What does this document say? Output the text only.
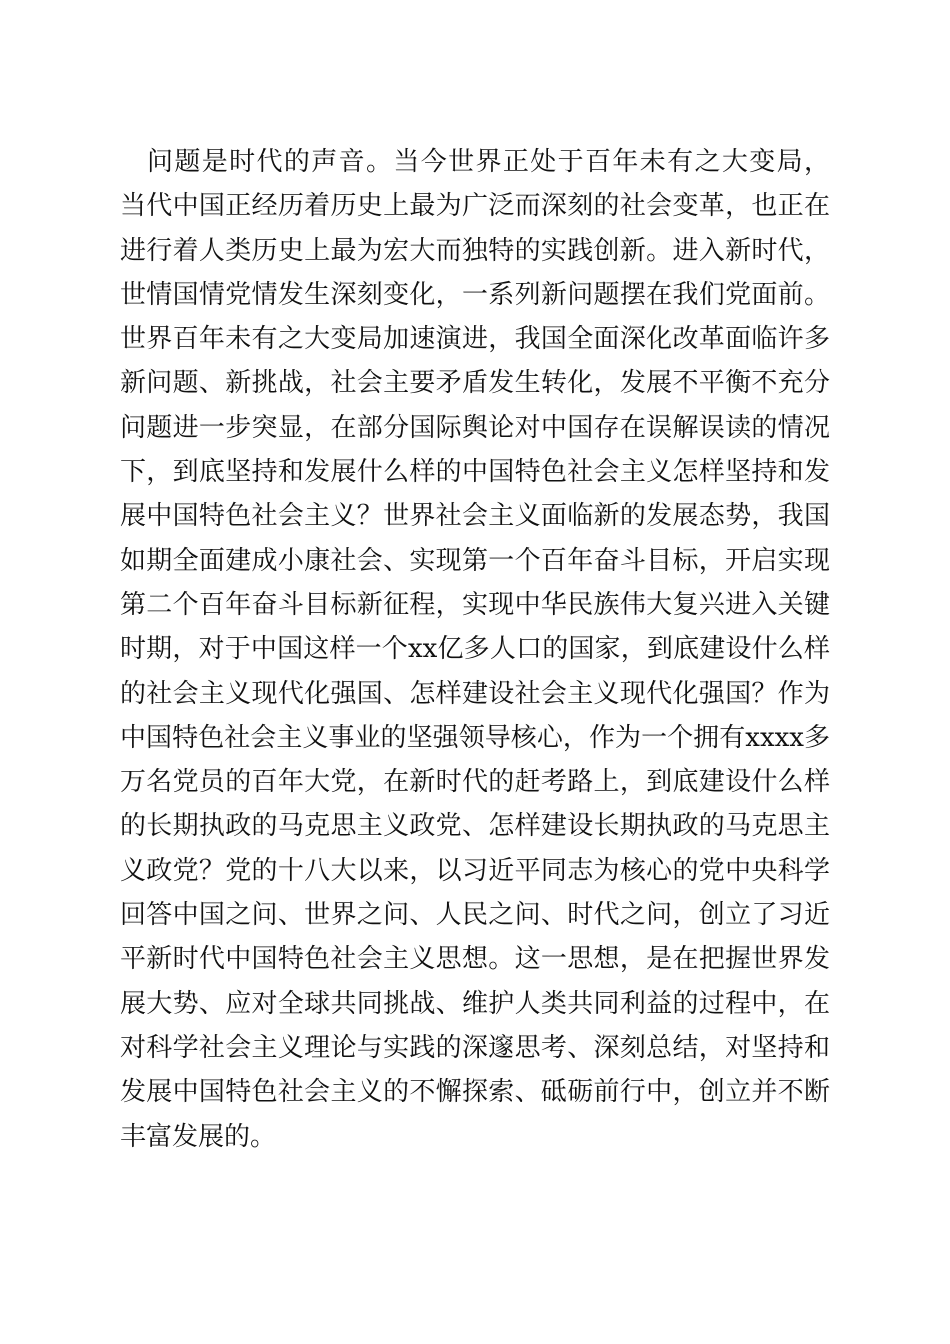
问题是时代的声音。当今世界正处于百年未有之大变局，
当代中国正经历着历史上最为广泛而深刻的社会变革，也正在
进行着人类历史上最为宏大而独特的实践创新。进入新时代，
世情国情党情发生深刻变化，一系列新问题摆在我们党面前。
世界百年未有之大变局加速演进，我国全面深化改革面临许多
新问题、新挑战，社会主要矛盾发生转化，发展不平衡不充分
问题进一步突显，在部分国际舆论对中国存在误解误读的情况
下，到底坚持和发展什么样的中国特色社会主义怎样坚持和发
展中国特色社会主义？世界社会主义面临新的发展态势，我国
如期全面建成小康社会、实现第一个百年奋斗目标，开启实现
第二个百年奋斗目标新征程，实现中华民族伟大复兴进入关键
时期，对于中国这样一个xx亿多人口的国家，到底建设什么样
的社会主义现代化强国、怎样建设社会主义现代化强国？作为
中国特色社会主义事业的坚强领导核心，作为一个拥有xxxx多
万名党员的百年大党，在新时代的赶考路上，到底建设什么样
的长期执政的马克思主义政党、怎样建设长期执政的马克思主
义政党？党的十八大以来，以习近平同志为核心的党中央科学
回答中国之问、世界之问、人民之问、时代之问，创立了习近
平新时代中国特色社会主义思想。这一思想，是在把握世界发
展大势、应对全球共同挑战、维护人类共同利益的过程中，在
对科学社会主义理论与实践的深邃思考、深刻总结，对坚持和
发展中国特色社会主义的不懈探索、砥砺前行中，创立并不断
丰富发展的。
